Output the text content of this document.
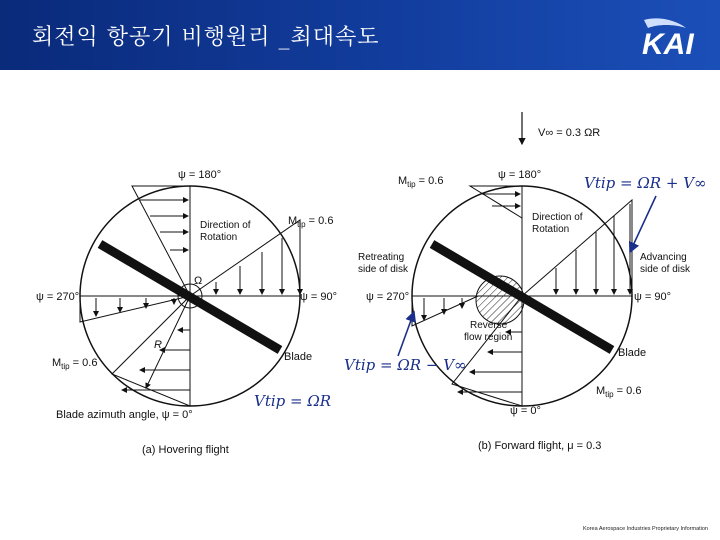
회전익 항공기 비행원리 _최대속도	KAI
ψ = 180°
ψ = 270°	ψ = 90°
Direction of
Rotation
$M_{tip} = 0.6$
$M_{tip} = 0.6$
Ω
R
Blade
Blade azimuth angle, ψ = 0°
(a) Hovering flight
V∞ = 0.3 ΩR
ψ = 180°
ψ = 270°	ψ = 90°
ψ = 0°
$M_{tip} = 0.6$
$M_{tip} = 0.6$
Direction of
Rotation
Retreating
side of disk
Advancing
side of disk
Reverse
flow region
Blade
(b) Forward flight, μ = 0.3
Vtip = ΩR + V∞
Vtip = ΩR − V∞
Vtip = ΩR
Korea Aerospace Industries Proprietary Information
